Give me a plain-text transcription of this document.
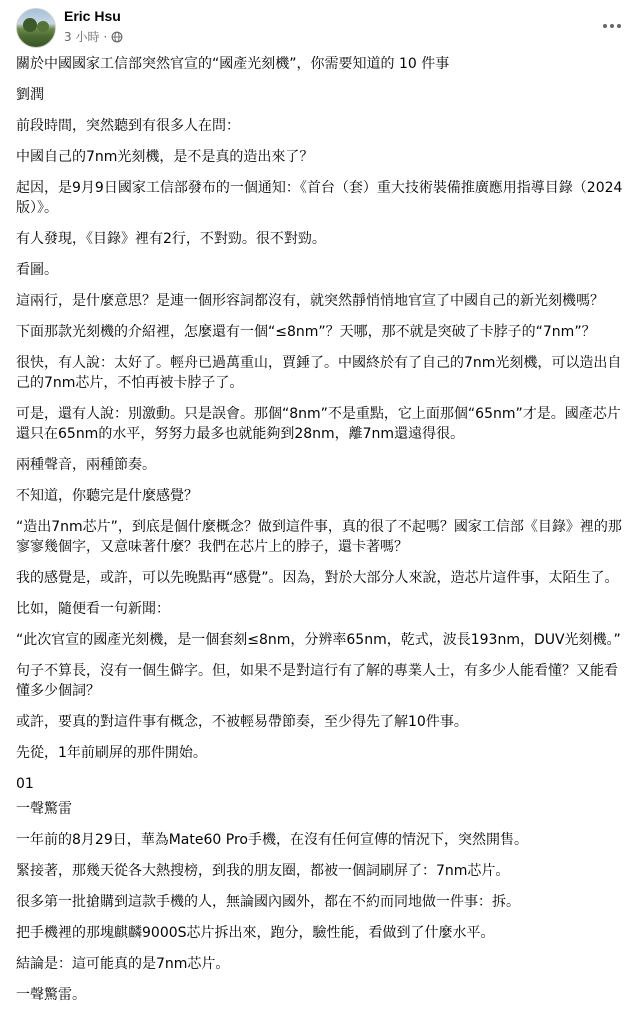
Eric Hsu
3 小時 ·

關於中國國家工信部突然官宣的“國產光刻機”，你需要知道的 10 件事

劉潤

前段時間，突然聽到有很多人在問：

中國自己的7nm光刻機，是不是真的造出來了？

起因，是9月9日國家工信部發布的一個通知：《首台（套）重大技術裝備推廣應用指導目錄（2024版）》。

有人發現，《目錄》裡有2行，不對勁。很不對勁。

看圖。

這兩行，是什麼意思？是連一個形容詞都沒有，就突然靜悄悄地官宣了中國自己的新光刻機嗎？

下面那款光刻機的介紹裡，怎麼還有一個“≤8nm”？天哪，那不就是突破了卡脖子的“7nm”？

很快，有人說：太好了。輕舟已過萬重山，賈錘了。中國終於有了自己的7nm光刻機，可以造出自己的7nm芯片，不怕再被卡脖子了。

可是，還有人說：別激動。只是誤會。那個“8nm”不是重點，它上面那個“65nm”才是。國產芯片還只在65nm的水平，努努力最多也就能夠到28nm，離7nm還遠得很。

兩種聲音，兩種節奏。

不知道，你聽完是什麼感覺？

“造出7nm芯片”，到底是個什麼概念？做到這件事，真的很了不起嗎？國家工信部《目錄》裡的那寥寥幾個字，又意味著什麼？我們在芯片上的脖子，還卡著嗎？

我的感覺是，或許，可以先晚點再“感覺”。因為，對於大部分人來說，造芯片這件事，太陌生了。

比如，隨便看一句新聞：

“此次官宣的國產光刻機，是一個套刻≤8nm，分辨率65nm，乾式，波長193nm，DUV光刻機。”

句子不算長，沒有一個生僻字。但，如果不是對這行有了解的專業人士，有多少人能看懂？又能看懂多少個詞？

或許，要真的對這件事有概念，不被輕易帶節奏，至少得先了解10件事。

先從，1年前刷屏的那件開始。

01

一聲驚雷

一年前的8月29日，華為Mate60 Pro手機，在沒有任何宣傳的情況下，突然開售。

緊接著，那幾天從各大熱搜榜，到我的朋友圈，都被一個詞刷屏了：7nm芯片。

很多第一批搶購到這款手機的人，無論國內國外，都在不約而同地做一件事：拆。

把手機裡的那塊麒麟9000S芯片拆出來，跑分，驗性能，看做到了什麼水平。

結論是：這可能真的是7nm芯片。

一聲驚雷。
